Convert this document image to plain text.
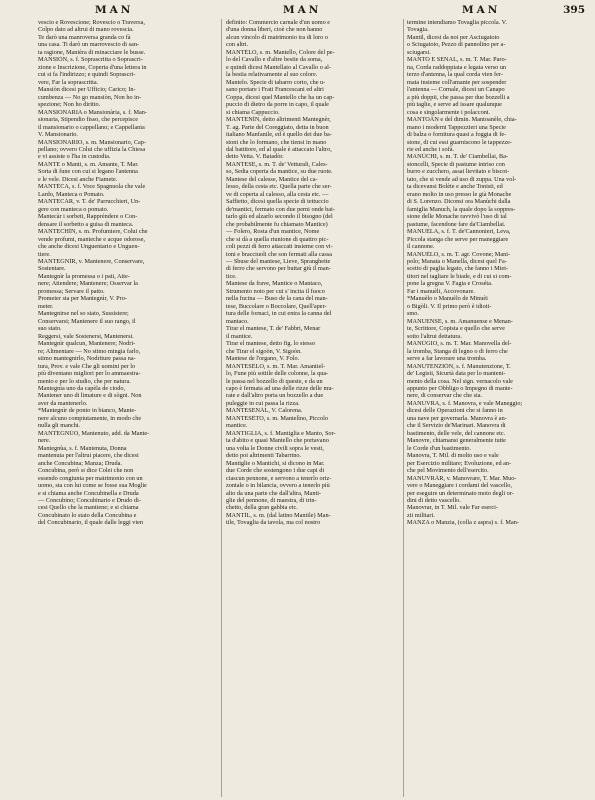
MAN	MAN	MAN	395
vescio e Rovescione; Rovescio o Traversa,
Colpo dato ad altrui di mano rovescia.
Te darò una manroversa granda co fà
una casa. Ti darò un marrovescio di san-
ta ragione, Manièra di minacciare le busse.
MANSIÒN, s. f. Soprascritta o Soprascri-
zione e Inscrizione, Coperta d'una lettera in
cui si fa l'indirizzo; e quindi Soprascri-
vere, Far la soprascritta.
Mansiòn dicesi per Ufficio; Carico; In-
cumbenza — No go mansiòn, Non ho in-
spezione; Non ho diritto.
MANSIONARIA o Mansionària, s. f. Man-
sionaria, Stipendio fisso, che percepisce
il mansionario o cappellano; e Cappellania
V. Mansionario.
MANSIONARIO, s. m. Mansionario, Cap-
pellano; ovvero Colui che uffizia la Chiesa
e vi assiste o l'ha in custodia.
MANTE o Manti, s. m. Amante, T. Mar.
Sorta di fune con cui si legano l'antenna
e le vele. Dicesi anche Fiamete.
MANTÈCA, s. f. Voce Spagnuola che vale
Lardo, Manteca o Pomato.
MANTECÀR, v. T. de' Parrucchieri, Un-
gere con manteca o pomato.
Mantecàr i sorbeti, Rappréndere o Con-
densare il sorbetto a guisa di manteca.
MANTECHÌN, s. m. Profumiere, Colui che
vende profumi, manteche e acque odorose,
che anche dicesi Unguentario e Unguen-
tiere.
MANTEGNÌR, v. Mantenere, Conservare,
Sostentare.
Mantegnìr la promessa o i pati, Atte-
nere; Attendere; Mantenere; Osservar la
promessa; Servare il patto.
Prometer sta per Mantegnìr, V. Pro-
meter.
Mantegnirse nel so stato, Sussistere;
Conservarsi; Mantenere il suo rango, il
suo stato.
Reggersi, vale Sostenersi, Mantenersi.
Mantegnìr qualcun, Mantenere; Nodri-
re; Alimentare — No stimo mingia farlo,
stimo mantegnirlo, Nodriture passa na-
tura, Prov. e vale Che gli uomini per lo
più diventano migliori per lo ammaestra-
mento e per lo studio, che per natura.
Mantegnìa uno da capèla de ciodo,
Mantener uno di limature e di sògni. Non
aver da mantenerlo.
*Mantegnìr de ponto in bianco, Mante-
nere alcuno compiutamente, in modo che
nulla gli manchi.
MANTEGNÙO, Mantenuto, add. da Mante-
nere.
Mantegnùa, s. f. Mantenuta, Donna
mantenuta per l'altrui piacere, che dicesi
anche Concubina; Manza; Druda.
Concubina, però si dice Colei che non
essendo congiunta per matrimonio con un
uomo, sta con lui come se fosse sua Moglie
e si chiama anche Concubinella e Druda
— Concubino; Concubinario e Drudo di-
cesi Quello che la mantiene; e si chiama
Concubinato lo stato della Concubina e
del Concubinario, il quale dalle leggi vien
definito: Commercio carnale d'un uomo e
d'una donna liberi, cioè che non hanno
alcun vincolo di matrimonio tra di loro o
con altri.
MANTÈLO, s. m. Mantello, Colore del pe-
lo del Cavallo e d'altre bestie da soma,
e quindi dicesi Mantellato al Cavallo o al-
la bestia relativamente al suo colore.
Mantelo. Specie di tabarro corto, che u-
sano portare i Frati Francescani ed altri
Coppa, dicesi quel Mantello che ha un cap-
puccio di dietro da porre in capo, il quale
si chiama Cappuccio.
MANTENÌN, detto altrimenti Mantegnèr,
T. ag. Parte del Coreggiato, detta in buon
italiano Manfanile, ed è quello dei due ba-
stoni che lo formano, che tiensi in mano
dal battitore, ed al quale è attaccato l'altro,
detto Vetta. V. Batadòr.
MANTESE, s. m. T. de' Vetturali, Cales-
so, Sedia coperta da mantice, su due ruote.
Mantese del calesse, Mantice del ca-
lesso, della cesta etc. Quella parte che ser-
ve di coperta al calesso, alla cesta etc. —
Saffietto, dicesi quella specie di tettuccio
de'mantici, fermato con due perni onde bat-
tarlo giù ed alzarlo secondo il bisogno (del
che probabilmente fu chiamato Mantice)
— Folero, Rosta d'un mantice, Nome
che si dà a quella riunione di quattro pic-
coli pezzi di ferro attaccati insieme con vi-
toni e bracciuoli che son fermati alla cassa
— Sbuse del mantese, Lieve, Spranghette
di ferro che servono per buttar giù il man-
tice.
Mantese da frave, Mantice o Mantaco,
Strumento noto per cui s' incita il fuoco
nella fucina — Buso de la cana del man-
tese, Buccolare o Boccolare, Quell'aper-
tura delle fornaci, in cui entra la canna del
mantaco.
Tirar el mantese, T. de' Fabbri, Menar
il mantice.
Tirar el mantese, detto fig. lo stesso
che Tirar el sigoòn, V. Sigoòn.
Mantese de l'organo, V. Folo.
MANTESÈLO, s. m. T. Mar. Amantiel-
lo, Fune più sottile delle colonne, la qua-
le passa nel bozzello di queste, e da un
capo è fermata ad una delle rizze delle mu-
rate e dall'altro porta un bozzello a due
puleggie in cui passa la rizza.
MANTESENÀL, V. Calorena.
MANTESÈTO, s. m. Mantelìno, Piccolo
mantice.
MANTIGLIA, s. f. Mantiglia e Manto, Sor-
ta d'abito e quasi Mantello che portavano
una volta le Donne civili sopra le vesti,
detto poi altrimenti Tabarrino.
Mantiglie o Mantichi, si dicono in Mar.
due Corde che sostengono i due capi di
ciascun pennone, e servono a tenerlo oriz-
zontale o in bilancia, ovvero a tenerlo più
alto da una parte che dall'altra, Manti-
glie del pennone, di maestra, di trin-
chetto, della gran gabbia etc.
MANTÌL, s. m. (dal latino Mantile) Man-
tile, Tovaglia da tavola, ma col nostro
termine intendiamo Tovaglia piccola. V.
Tovagia.
Mantil, dicesi da noi per Asciugatoio
o Sciugatoio, Pezzo di pannolino per a-
sciugarsi.
MANTO E SENAL, s. m. T. Mar. Paro-
na, Corda raddoppiata e legata verso un
terzo d'antenna, la qual corda vien fer-
mata insieme coll'amante per sospender
l'antenna — Cornale, dicesi un Canapo
a più doppii, che passa per due bozzelli a
più taglie, e serve ad issare qualunque
cosa e singolarmente i polacconi.
MANTOÀN e del dimin. Mantoanèle, chia-
mano i moderni Tappezzieri una Specie
di balza o fornitura quasi a foggia di fe-
stone, di cui essi guarniscono le tappezze-
rie ed anche i sofà.
MANÙCHI, s. m. T. de' Ciambellai, Ba-
stoncelli, Specie di pastume intriso con
burro e zucchero, assai lievitato e biscot-
tato, che si vende ad uso di zuppa. Una vol-
ta dicevansi Bolète e anche Tonisti, ed
erano molto in uso presso le già Monache
di S. Lorenzo. Diconsi ora Manùchi dalla
famiglia Manuch, la quale dopo la soppres-
sione delle Monache ravvivò l'uso di tal
pastume, facendone fare da'Ciambellai.
MANUÈLA, s. f. T. de'Cannonieri, Leva,
Piccola stanga che serve per maneggiare
il cannone.
MANUÈLO, s. m. T. agr. Covone; Mani-
polo; Manata o Manella, dicesi quel Fa-
scetto di paglia legato, che fanno i Miet-
titori nel tagliare le biade, e di cui si com-
pone la gregna V. Fagia e Croséta.
Far i manuèli, Accovonare.
*Manuèlo o Manuèlo de Minuèi
o Bigòli. V. Il primo però è idioti-
smo.
MANUENSE, s. m. Amanuense e Menan-
te, Scrittore, Copista e quello che serve
sotto l'altrui dettatura.
MANÙGIO, s. m. T. Mar. Manovella del-
la tromba, Stanga di legno o di ferro che
serve a far lavorare una tromba.
MANUTENZIÒN, s. f. Manutenzione, T.
de' Legisti, Sicurtà data per lo manteni-
mento della cosa. Nel sign. vernacolo vale
appunto per Obbligo o Impegno di mante-
nere, di conservar che che sia.
MANUVRA, s. f. Manovra, e vale Maneggio;
dicesi delle Operazioni che si fanno in
una nave per governarla. Manovra è an-
che il Servizio de'Marinari. Manovra di
bastimento, delle vele, del cannone etc.
Manovre, chiamansi generalmente tutte
le Corde d'un bastimento.
Manovra, T. Mil. di molto uso e vale
per Esercizio militare; Evoluzione, ed an-
che pel Movimento dell'esercito.
MANUVRÀR, v. Manovrare, T. Mar. Muo-
vere o Maneggiare i cordami del vascello,
per eseguire un determinato moto degli or-
dini di detto vascello.
Manovrar, in T. Mil. vale Far eserci-
zii militari.
MANZA o Manzia, (colla z aspra) s. f. Man-
